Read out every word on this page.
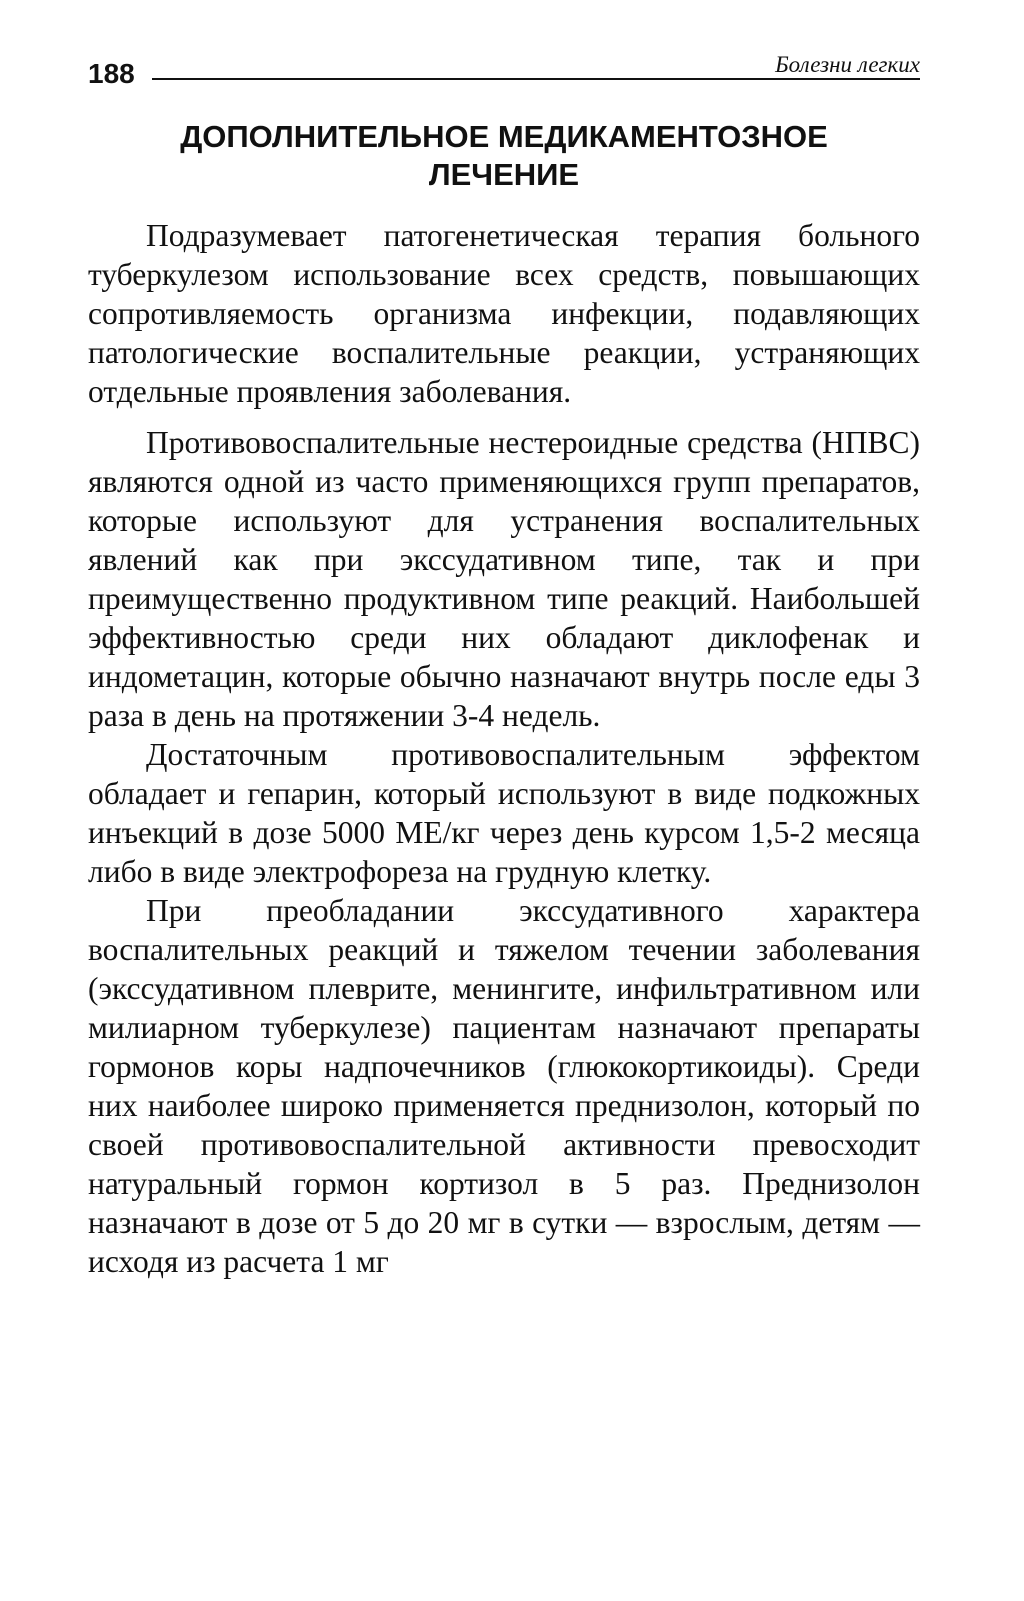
188	Болезни легких
ДОПОЛНИТЕЛЬНОЕ МЕДИКАМЕНТОЗНОЕ
ЛЕЧЕНИЕ

Подразумевает патогенетическая терапия больного туберкулезом использование всех средств, повышающих сопротивляемость организма инфекции, подавляющих патологические воспалительные реакции, устраняющих отдельные проявления заболевания.

Противовоспалительные нестероидные средства (НПВС) являются одной из часто применяющихся групп препаратов, которые используют для устранения воспалительных явлений как при экссудативном типе, так и при преимущественно продуктивном типе реакций. Наибольшей эффективностью среди них обладают диклофенак и индометацин, которые обычно назначают внутрь после еды 3 раза в день на протяжении 3-4 недель.

Достаточным противовоспалительным эффектом обладает и гепарин, который используют в виде подкожных инъекций в дозе 5000 МЕ/кг через день курсом 1,5-2 месяца либо в виде электрофореза на грудную клетку.

При преобладании экссудативного характера воспалительных реакций и тяжелом течении заболевания (экссудативном плеврите, менингите, инфильтративном или милиарном туберкулезе) пациентам назначают препараты гормонов коры надпочечников (глюкокортикоиды). Среди них наиболее широко применяется преднизолон, который по своей противовоспалительной активности превосходит натуральный гормон кортизол в 5 раз. Преднизолон назначают в дозе от 5 до 20 мг в сутки — взрослым, детям — исходя из расчета 1 мг
